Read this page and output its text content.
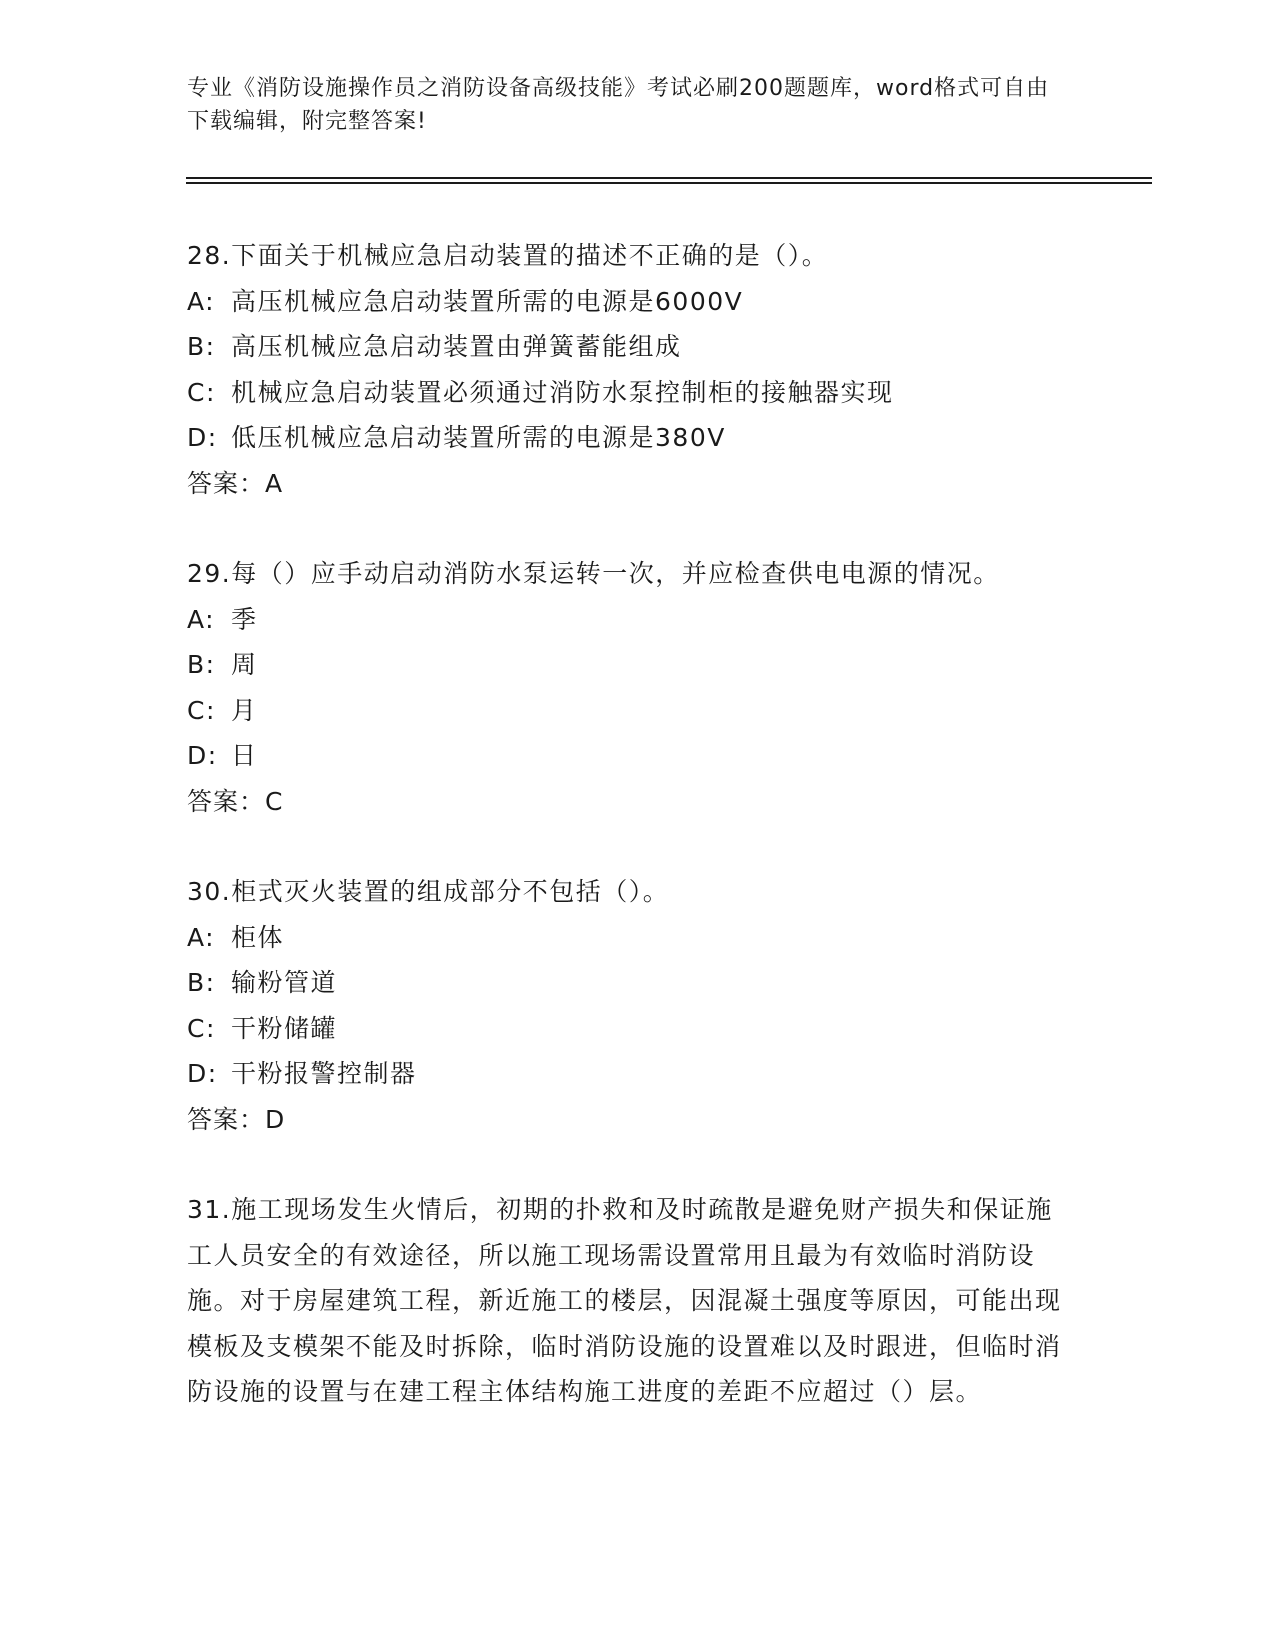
专业《消防设施操作员之消防设备高级技能》考试必刷200题题库，word格式可自由下载编辑，附完整答案!

28.下面关于机械应急启动装置的描述不正确的是（）。

A: 高压机械应急启动装置所需的电源是6000V

B: 高压机械应急启动装置由弹簧蓄能组成

C: 机械应急启动装置必须通过消防水泵控制柜的接触器实现

D: 低压机械应急启动装置所需的电源是380V

答案：A

29.每（）应手动启动消防水泵运转一次，并应检查供电电源的情况。

A: 季

B: 周

C: 月

D: 日

答案：C

30.柜式灭火装置的组成部分不包括（）。

A: 柜体

B: 输粉管道

C: 干粉储罐

D: 干粉报警控制器

答案：D

31.施工现场发生火情后，初期的扑救和及时疏散是避免财产损失和保证施工人员安全的有效途径，所以施工现场需设置常用且最为有效临时消防设施。对于房屋建筑工程，新近施工的楼层，因混凝土强度等原因，可能出现模板及支模架不能及时拆除，临时消防设施的设置难以及时跟进，但临时消防设施的设置与在建工程主体结构施工进度的差距不应超过（）层。
